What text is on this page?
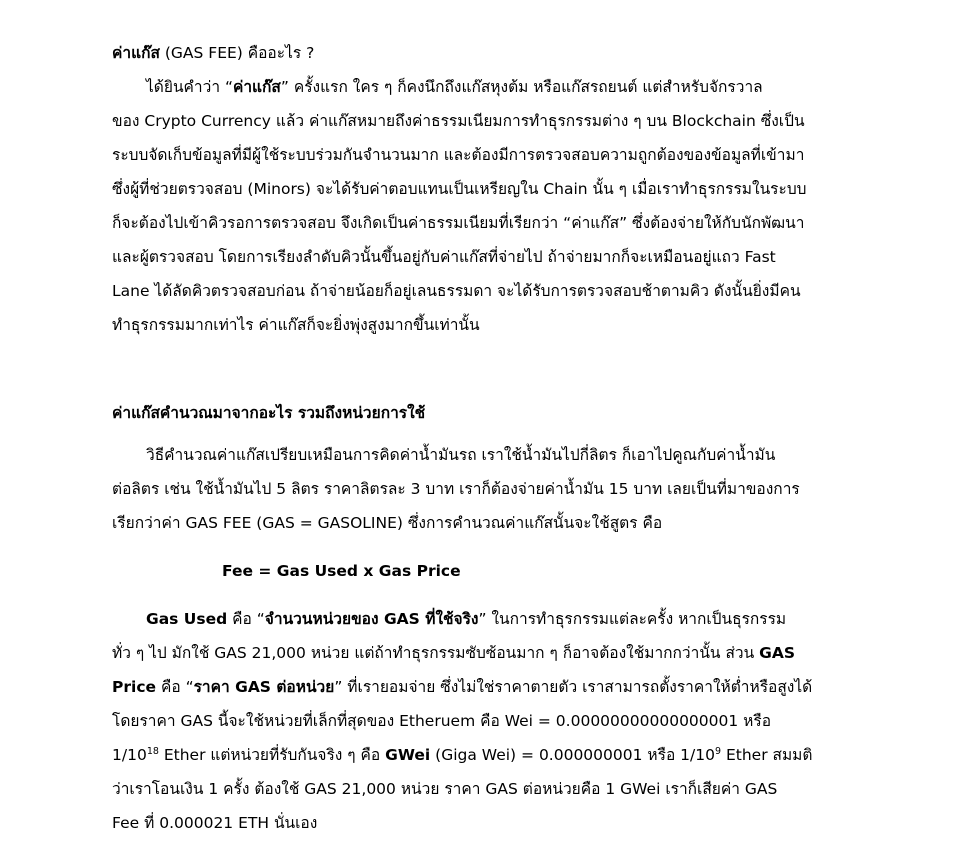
ค่าแก๊ส (GAS FEE) คืออะไร ?

ได้ยินคำว่า “ค่าแก๊ส” ครั้งแรก ใคร ๆ ก็คงนึกถึงแก๊สหุงต้ม หรือแก๊สรถยนต์ แต่สำหรับจักรวาล

ของ Crypto Currency แล้ว ค่าแก๊สหมายถึงค่าธรรมเนียมการทำธุรกรรมต่าง ๆ บน Blockchain ซึ่งเป็น

ระบบจัดเก็บข้อมูลที่มีผู้ใช้ระบบร่วมกันจำนวนมาก และต้องมีการตรวจสอบความถูกต้องของข้อมูลที่เข้ามา

ซึ่งผู้ที่ช่วยตรวจสอบ (Minors) จะได้รับค่าตอบแทนเป็นเหรียญใน Chain นั้น ๆ เมื่อเราทำธุรกรรมในระบบ

ก็จะต้องไปเข้าคิวรอการตรวจสอบ จึงเกิดเป็นค่าธรรมเนียมที่เรียกว่า “ค่าแก๊ส” ซึ่งต้องจ่ายให้กับนักพัฒนา

และผู้ตรวจสอบ โดยการเรียงลำดับคิวนั้นขึ้นอยู่กับค่าแก๊สที่จ่ายไป ถ้าจ่ายมากก็จะเหมือนอยู่แถว Fast

Lane ได้ลัดคิวตรวจสอบก่อน ถ้าจ่ายน้อยก็อยู่เลนธรรมดา จะได้รับการตรวจสอบช้าตามคิว ดังนั้นยิ่งมีคน

ทำธุรกรรมมากเท่าไร ค่าแก๊สก็จะยิ่งพุ่งสูงมากขึ้นเท่านั้น

ค่าแก๊สคำนวณมาจากอะไร รวมถึงหน่วยการใช้

วิธีคำนวณค่าแก๊สเปรียบเหมือนการคิดค่าน้ำมันรถ เราใช้น้ำมันไปกี่ลิตร ก็เอาไปคูณกับค่าน้ำมัน

ต่อลิตร เช่น ใช้น้ำมันไป 5 ลิตร ราคาลิตรละ 3 บาท เราก็ต้องจ่ายค่าน้ำมัน 15 บาท เลยเป็นที่มาของการ

เรียกว่าค่า GAS FEE (GAS = GASOLINE) ซึ่งการคำนวณค่าแก๊สนั้นจะใช้สูตร คือ

Fee = Gas Used x Gas Price

Gas Used คือ “จำนวนหน่วยของ GAS ที่ใช้จริง” ในการทำธุรกรรมแต่ละครั้ง หากเป็นธุรกรรม

ทั่ว ๆ ไป มักใช้ GAS 21,000 หน่วย แต่ถ้าทำธุรกรรมซับซ้อนมาก ๆ ก็อาจต้องใช้มากกว่านั้น ส่วน GAS

Price คือ “ราคา GAS ต่อหน่วย” ที่เรายอมจ่าย ซึ่งไม่ใช่ราคาตายตัว เราสามารถตั้งราคาให้ต่ำหรือสูงได้

โดยราคา GAS นี้จะใช้หน่วยที่เล็กที่สุดของ Etheruem คือ Wei = 0.00000000000000001 หรือ

$1/10^{18}$ Ether แต่หน่วยที่รับกันจริง ๆ คือ GWei (Giga Wei) = 0.000000001 หรือ $1/10^9$ Ether สมมติ

ว่าเราโอนเงิน 1 ครั้ง ต้องใช้ GAS 21,000 หน่วย ราคา GAS ต่อหน่วยคือ 1 GWei เราก็เสียค่า GAS

Fee ที่ 0.000021 ETH นั่นเอง
